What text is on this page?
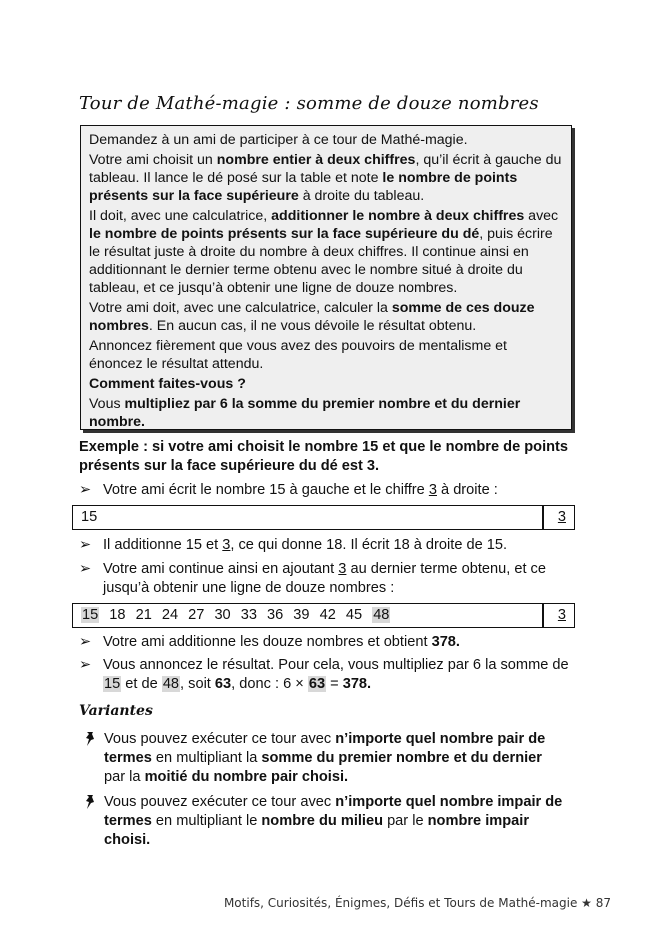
Tour de Mathé-magie : somme de douze nombres

Demandez à un ami de participer à ce tour de Mathé-magie.

Votre ami choisit un nombre entier à deux chiffres, qu’il écrit à gauche du tableau. Il lance le dé posé sur la table et note le nombre de points présents sur la face supérieure à droite du tableau.

Il doit, avec une calculatrice, additionner le nombre à deux chiffres avec le nombre de points présents sur la face supérieure du dé, puis écrire le résultat juste à droite du nombre à deux chiffres. Il continue ainsi en additionnant le dernier terme obtenu avec le nombre situé à droite du tableau, et ce jusqu’à obtenir une ligne de douze nombres.

Votre ami doit, avec une calculatrice, calculer la somme de ces douze nombres. En aucun cas, il ne vous dévoile le résultat obtenu.

Annoncez fièrement que vous avez des pouvoirs de mentalisme et énoncez le résultat attendu.

Comment faites-vous ?

Vous multipliez par 6 la somme du premier nombre et du dernier nombre.

Exemple : si votre ami choisit le nombre 15 et que le nombre de points présents sur la face supérieure du dé est 3.
➢ Votre ami écrit le nombre 15 à gauche et le chiffre 3 à droite :
15	3
➢ Il additionne 15 et 3, ce qui donne 18. Il écrit 18 à droite de 15.
➢ Votre ami continue ainsi en ajoutant 3 au dernier terme obtenu, et ce jusqu’à obtenir une ligne de douze nombres :
15 18 21 24 27 30 33 36 39 42 45 48	3
➢ Votre ami additionne les douze nombres et obtient 378.
➢ Vous annoncez le résultat. Pour cela, vous multipliez par 6 la somme de 15 et de 48, soit 63, donc : 6 × 63 = 378.
Variantes
Vous pouvez exécuter ce tour avec n’importe quel nombre pair de termes en multipliant la somme du premier nombre et du dernier par la moitié du nombre pair choisi.
Vous pouvez exécuter ce tour avec n’importe quel nombre impair de termes en multipliant le nombre du milieu par le nombre impair choisi.
Motifs, Curiosités, Énigmes, Défis et Tours de Mathé-magie ★ 87
